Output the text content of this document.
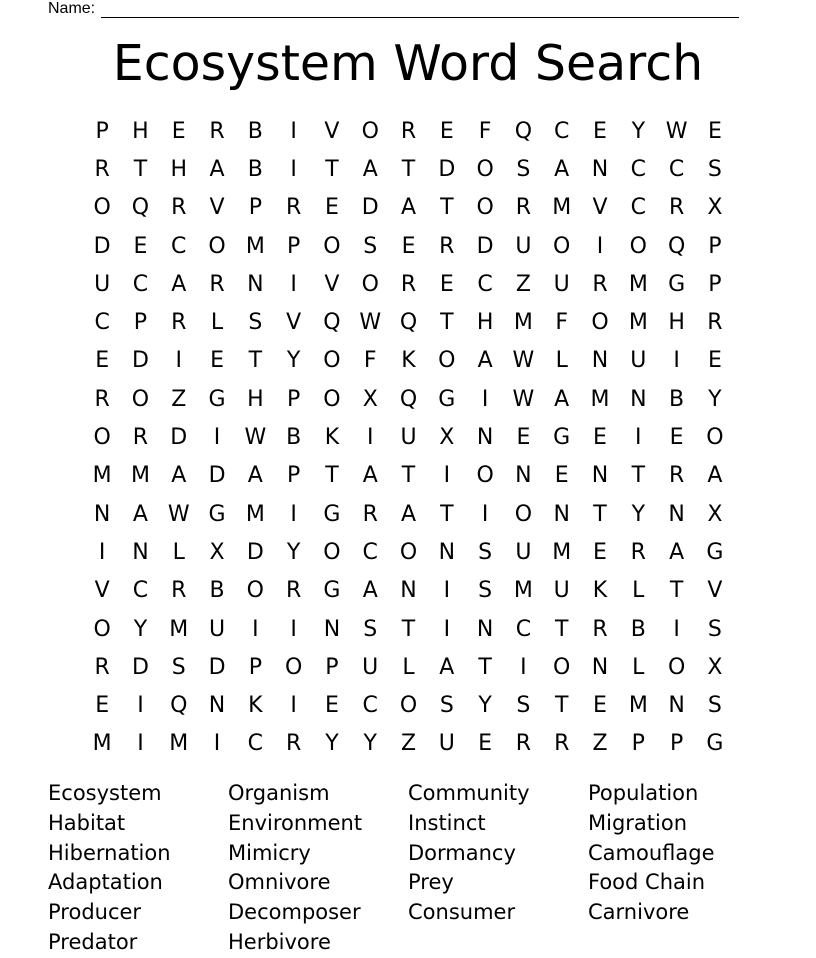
Name:
Ecosystem Word Search
P	H	E	R	B	I	V	O R	E	F	Q C	E	Y W E
R	T	H	A	B	I	T	A	T	D O	S	A	N	C	C	S
O Q R	V	P	R	E	D	A	T	O R M V	C	R	X
D	E	C O M	P	O	S	E	R	D U O	I	O Q	P
U	C	A	R	N	I	V	O R	E	C	Z	U	R M G	P
C	P	R	L	S	V	Q W Q	T	H M	F	O M H	R
E	D	I	E	T	Y	O	F	K	O	A W L	N	U	I	E
R O	Z	G H	P	O	X	Q G	I	W A M N	B	Y
O R	D	I	W B	K	I	U	X	N	E	G	E	I	E	O
M M A	D	A	P	T	A	T	I	O N	E	N	T	R	A
N	A W G M	I	G	R	A	T	I	O N	T	Y	N	X
I	N	L	X	D	Y	O C O N	S	U M E	R	A	G
V	C	R	B	O R	G	A	N	I	S M U	K	L	T	V
O	Y	M U	I	I	N	S	T	I	N	C	T	R	B	I	S
R	D	S	D	P	O	P	U	L	A	T	I	O N	L	O	X
E	I	Q N	K	I	E	C O	S	Y	S	T	E M N	S
M	I	M	I	C	R	Y	Y	Z	U	E	R	R	Z	P	P	G
Ecosystem	Organism	Community	Population
Habitat	Environment	Instinct	Migration
Hibernation	Mimicry	Dormancy	Camouflage
Adaptation	Omnivore	Prey	Food Chain
Producer	Decomposer	Consumer	Carnivore
Predator	Herbivore
